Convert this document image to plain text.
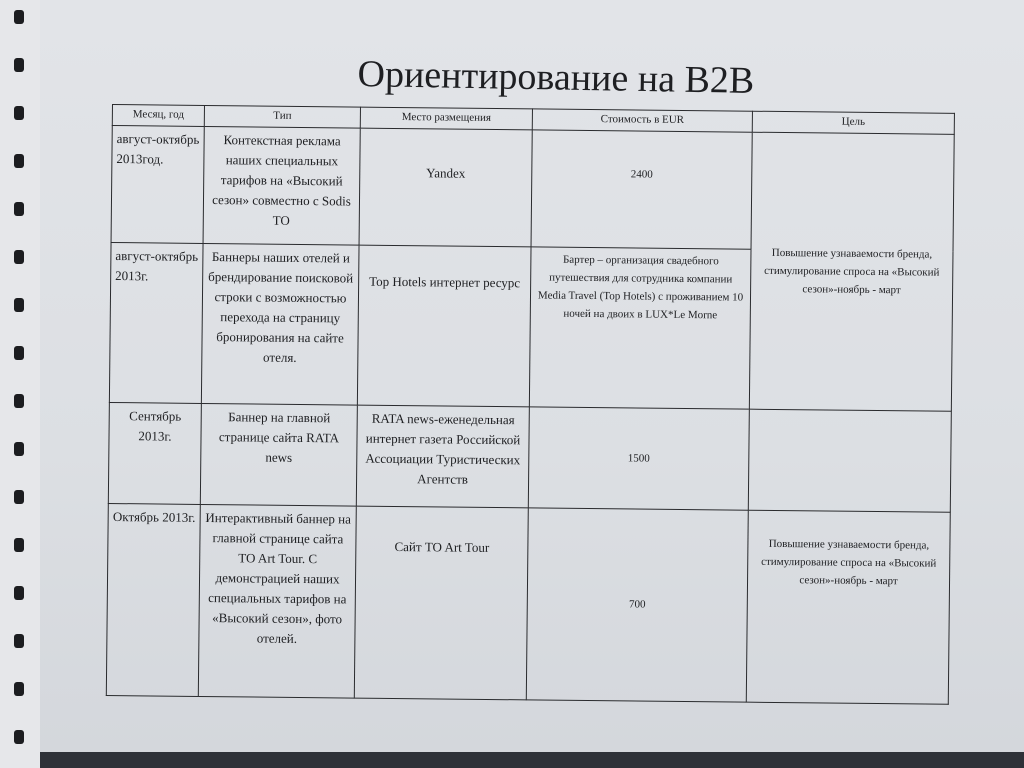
Ориентирование на B2B
Месяц, год	Тип	Место размещения	Стоимость в EUR	Цель
август-октябрь 2013год.	Контекстная реклама наших специальных тарифов на «Высокий сезон» совместно с Sodis TO	Yandex	2400	Повышение узнаваемости бренда, стимулирование спроса на «Высокий сезон»-ноябрь - март
август-октябрь 2013г.	Баннеры наших отелей и брендирование поисковой строки с возможностью перехода на страницу бронирования на сайте отеля.	Top Hotels интернет ресурс	Бартер – организация свадебного путешествия для сотрудника компании Media Travel (Top Hotels) с проживанием 10 ночей на двоих в LUX*Le Morne	
Сентябрь 2013г.	Баннер на главной странице сайта RATA news	RATA news-еженедельная интернет газета Российской Ассоциации Туристических Агентств	1500	
Октябрь 2013г.	Интерактивный баннер на главной странице сайта TO Art Tour. С демонстрацией наших специальных тарифов на «Высокий сезон», фото отелей.	Сайт TO Art Tour	700	Повышение узнаваемости бренда, стимулирование спроса на «Высокий сезон»-ноябрь - март
